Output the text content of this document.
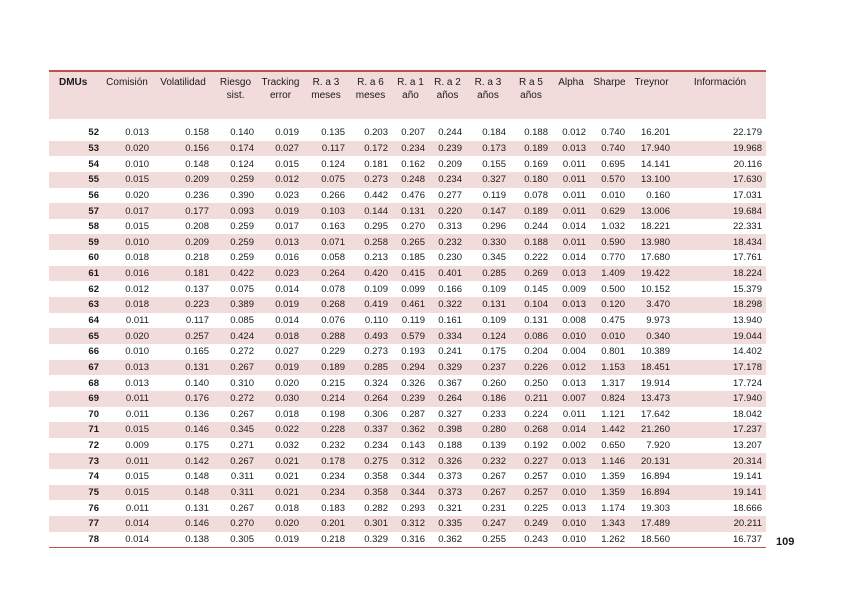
DMUs	Comisión	Volatilidad	Riesgo sist.	Tracking error	R. a 3 meses	R. a 6 meses	R. a 1 año	R. a 2 años	R. a 3 años	R a 5 años	Alpha	Sharpe	Treynor	Información

52	0.013	0.158	0.140	0.019	0.135	0.203	0.207	0.244	0.184	0.188	0.012	0.740	16.201	22.179
53	0.020	0.156	0.174	0.027	0.117	0.172	0.234	0.239	0.173	0.189	0.013	0.740	17.940	19.968
54	0.010	0.148	0.124	0.015	0.124	0.181	0.162	0.209	0.155	0.169	0.011	0.695	14.141	20.116
55	0.015	0.209	0.259	0.012	0.075	0.273	0.248	0.234	0.327	0.180	0.011	0.570	13.100	17.630
56	0.020	0.236	0.390	0.023	0.266	0.442	0.476	0.277	0.119	0.078	0.011	0.010	0.160	17.031
57	0.017	0.177	0.093	0.019	0.103	0.144	0.131	0.220	0.147	0.189	0.011	0.629	13.006	19.684
58	0.015	0.208	0.259	0.017	0.163	0.295	0.270	0.313	0.296	0.244	0.014	1.032	18.221	22.331
59	0.010	0.209	0.259	0.013	0.071	0.258	0.265	0.232	0.330	0.188	0.011	0.590	13.980	18.434
60	0.018	0.218	0.259	0.016	0.058	0.213	0.185	0.230	0.345	0.222	0.014	0.770	17.680	17.761
61	0.016	0.181	0.422	0.023	0.264	0.420	0.415	0.401	0.285	0.269	0.013	1.409	19.422	18.224
62	0.012	0.137	0.075	0.014	0.078	0.109	0.099	0.166	0.109	0.145	0.009	0.500	10.152	15.379
63	0.018	0.223	0.389	0.019	0.268	0.419	0.461	0.322	0.131	0.104	0.013	0.120	3.470	18.298
64	0.011	0.117	0.085	0.014	0.076	0.110	0.119	0.161	0.109	0.131	0.008	0.475	9.973	13.940
65	0.020	0.257	0.424	0.018	0.288	0.493	0.579	0.334	0.124	0.086	0.010	0.010	0.340	19.044
66	0.010	0.165	0.272	0.027	0.229	0.273	0.193	0.241	0.175	0.204	0.004	0.801	10.389	14.402
67	0.013	0.131	0.267	0.019	0.189	0.285	0.294	0.329	0.237	0.226	0.012	1.153	18.451	17.178
68	0.013	0.140	0.310	0.020	0.215	0.324	0.326	0.367	0.260	0.250	0.013	1.317	19.914	17.724
69	0.011	0.176	0.272	0.030	0.214	0.264	0.239	0.264	0.186	0.211	0.007	0.824	13.473	17.940
70	0.011	0.136	0.267	0.018	0.198	0.306	0.287	0.327	0.233	0.224	0.011	1.121	17.642	18.042
71	0.015	0.146	0.345	0.022	0.228	0.337	0.362	0.398	0.280	0.268	0.014	1.442	21.260	17.237
72	0.009	0.175	0.271	0.032	0.232	0.234	0.143	0.188	0.139	0.192	0.002	0.650	7.920	13.207
73	0.011	0.142	0.267	0.021	0.178	0.275	0.312	0.326	0.232	0.227	0.013	1.146	20.131	20.314
74	0.015	0.148	0.311	0.021	0.234	0.358	0.344	0.373	0.267	0.257	0.010	1.359	16.894	19.141
75	0.015	0.148	0.311	0.021	0.234	0.358	0.344	0.373	0.267	0.257	0.010	1.359	16.894	19.141
76	0.011	0.131	0.267	0.018	0.183	0.282	0.293	0.321	0.231	0.225	0.013	1.174	19.303	18.666
77	0.014	0.146	0.270	0.020	0.201	0.301	0.312	0.335	0.247	0.249	0.010	1.343	17.489	20.211
78	0.014	0.138	0.305	0.019	0.218	0.329	0.316	0.362	0.255	0.243	0.010	1.262	18.560	16.737 109
